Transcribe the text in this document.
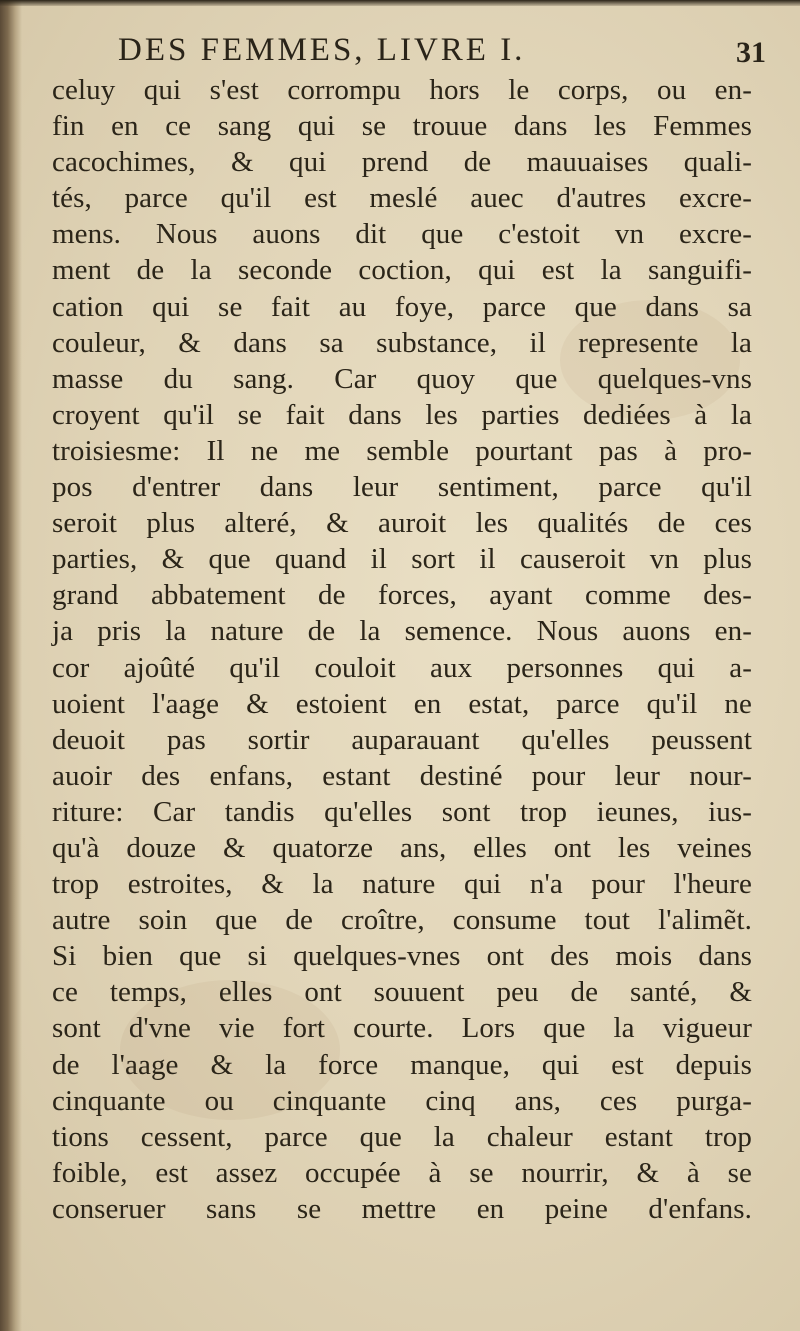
DES FEMMES, LIVRE I.	31
celuy qui s'est corrompu hors le corps, ou en-
fin en ce sang qui se trouue dans les Femmes
cacochimes, & qui prend de mauuaises quali-
tés, parce qu'il est meslé auec d'autres excre-
mens. Nous auons dit que c'estoit vn excre-
ment de la seconde coction, qui est la sanguifi-
cation qui se fait au foye, parce que dans sa
couleur, & dans sa substance, il represente la
masse du sang. Car quoy que quelques-vns
croyent qu'il se fait dans les parties dediées à la
troisiesme: Il ne me semble pourtant pas à pro-
pos d'entrer dans leur sentiment, parce qu'il
seroit plus alteré, & auroit les qualités de ces
parties, & que quand il sort il causeroit vn plus
grand abbatement de forces, ayant comme des-
ja pris la nature de la semence. Nous auons en-
cor ajoûté qu'il couloit aux personnes qui a-
uoient l'aage & estoient en estat, parce qu'il ne
deuoit pas sortir auparauant qu'elles peussent
auoir des enfans, estant destiné pour leur nour-
riture: Car tandis qu'elles sont trop ieunes, ius-
qu'à douze & quatorze ans, elles ont les veines
trop estroites, & la nature qui n'a pour l'heure
autre soin que de croître, consume tout l'alimẽt.
Si bien que si quelques-vnes ont des mois dans
ce temps, elles ont souuent peu de santé, &
sont d'vne vie fort courte. Lors que la vigueur
de l'aage & la force manque, qui est depuis
cinquante ou cinquante cinq ans, ces purga-
tions cessent, parce que la chaleur estant trop
foible, est assez occupée à se nourrir, & à se
conseruer sans se mettre en peine d'enfans.
